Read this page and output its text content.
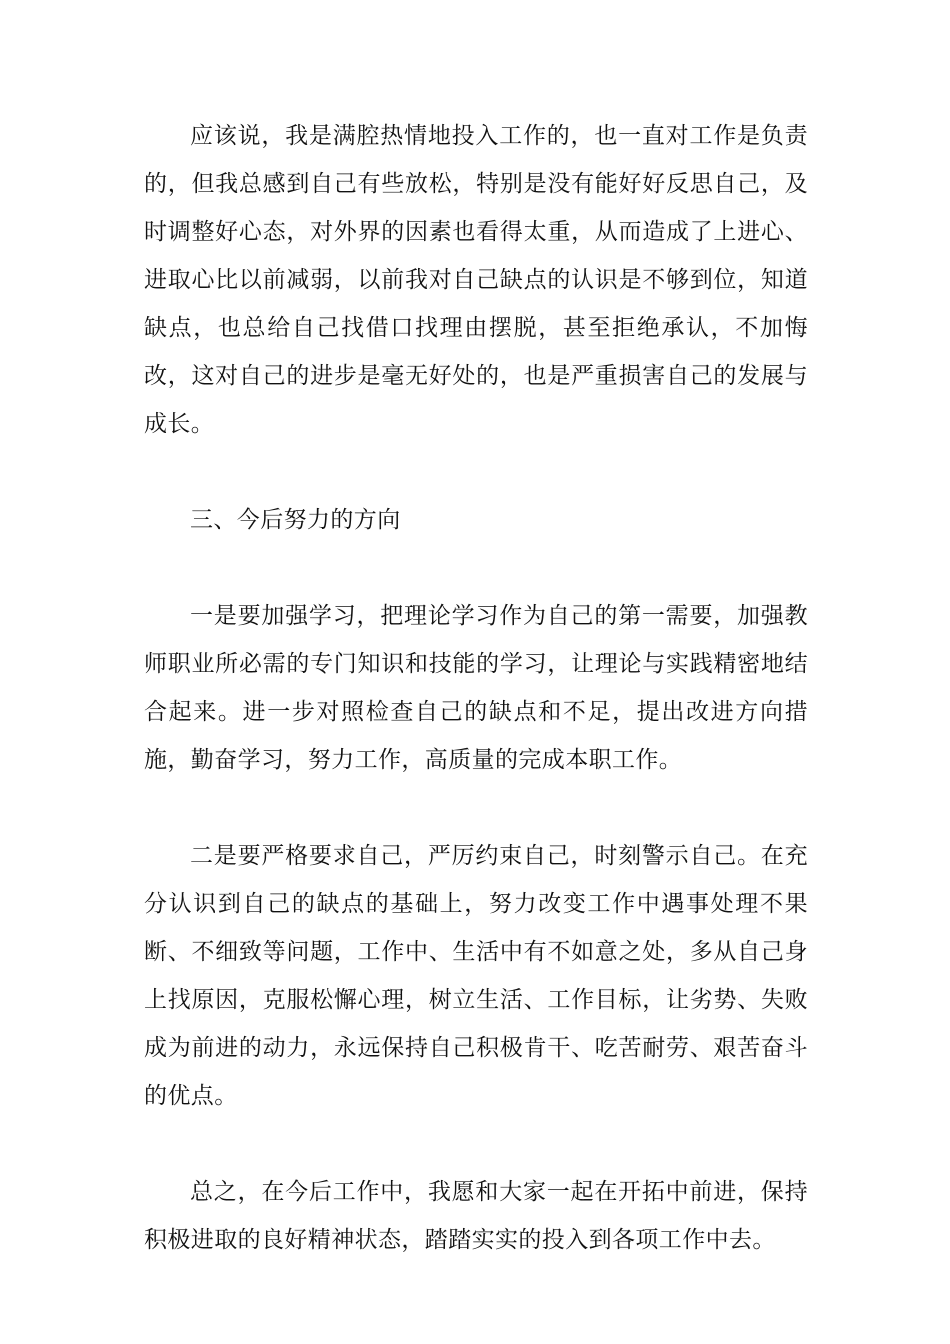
应该说，我是满腔热情地投入工作的，也一直对工作是负责的，但我总感到自己有些放松，特别是没有能好好反思自己，及时调整好心态，对外界的因素也看得太重，从而造成了上进心、进取心比以前减弱，以前我对自己缺点的认识是不够到位，知道缺点，也总给自己找借口找理由摆脱，甚至拒绝承认，不加悔改，这对自己的进步是毫无好处的，也是严重损害自己的发展与成长。

三、今后努力的方向

一是要加强学习，把理论学习作为自己的第一需要，加强教师职业所必需的专门知识和技能的学习，让理论与实践精密地结合起来。进一步对照检查自己的缺点和不足，提出改进方向措施，勤奋学习，努力工作，高质量的完成本职工作。

二是要严格要求自己，严厉约束自己，时刻警示自己。在充分认识到自己的缺点的基础上，努力改变工作中遇事处理不果断、不细致等问题，工作中、生活中有不如意之处，多从自己身上找原因，克服松懈心理，树立生活、工作目标，让劣势、失败成为前进的动力，永远保持自己积极肯干、吃苦耐劳、艰苦奋斗的优点。

总之，在今后工作中，我愿和大家一起在开拓中前进，保持积极进取的良好精神状态，踏踏实实的投入到各项工作中去。
